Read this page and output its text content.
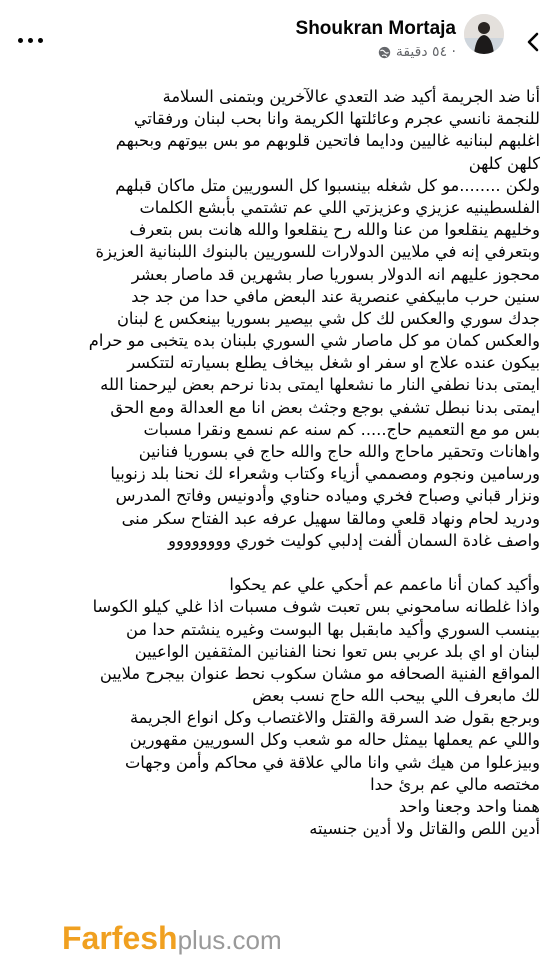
Shoukran Mortaja
٥٤ دقيقة ·
أنا ضد الجريمة أكيد ضد التعدي عالآخرين وبتمنى السلامة
للنجمة نانسي عجرم وعائلتها الكريمة وانا بحب لبنان ورفقاتي
اغلبهم لبنانيه غاليين ودايما فاتحين قلوبهم مو بس بيوتهم وبحبهم
كلهن كلهن
ولكن ........مو كل شغله بينسبوا كل السوريين متل ماكان قبلهم
الفلسطينيه عزيزي وعزيزتي اللي عم تشتمي بأبشع الكلمات
وخليهم ينقلعوا من عنا والله رح ينقلعوا والله هانت بس بتعرف
وبتعرفي إنه في ملايين الدولارات للسوريين بالبنوك اللبنانية العزيزة
محجوز عليهم انه الدولار بسوريا صار بشهرين قد ماصار بعشر
سنين حرب مابيكفي عنصرية عند البعض مافي حدا من جد جد
جدك سوري والعكس لك كل شي بيصير بسوريا بينعكس ع لبنان
والعكس كمان مو كل ماصار شي السوري بلبنان بده يتخبى مو حرام
بيكون عنده علاج او سفر او شغل بيخاف يطلع بسيارته لتتكسر
ايمتى بدنا نطفي النار ما نشعلها ايمتى بدنا نرحم بعض ليرحمنا الله
ايمتى بدنا نبطل تشفي بوجع وجثث بعض انا مع العدالة ومع الحق
بس مو مع التعميم حاج..... كم سنه عم نسمع ونقرا مسبات
واهانات وتحقير ماحاج والله حاج والله حاج في بسوريا فنانين
ورسامين ونجوم ومصممي أزياء وكتاب وشعراء لك نحنا بلد زنوبيا
ونزار قباني وصباح فخري ومياده حناوي وأدونيس وفاتح المدرس
ودريد لحام ونهاد قلعي ومالقا سهيل عرفه عبد الفتاح سكر منى
واصف غادة السمان ألفت إدلبي كوليت خوري وووووووو
وأكيد كمان أنا ماعمم عم أحكي علي عم يحكوا
واذا غلطانه سامحوني بس تعبت شوف مسبات اذا غلي كيلو الكوسا
بينسب السوري وأكيد مابقبل بها البوست وغيره ينشتم حدا من
لبنان او اي بلد عربي بس تعوا نحنا الفنانين المثقفين الواعيين
المواقع الفنية الصحافه مو مشان سكوب نحط عنوان بيجرح ملايين
لك مابعرف اللي بيحب الله حاج نسب بعض
وبرجع بقول ضد السرقة والقتل والاغتصاب وكل انواع الجريمة
واللي عم يعملها بيمثل حاله مو شعب وكل السوريين مقهورين
وبيزعلوا من هيك شي وانا مالي علاقة في محاكم وأمن وجهات
مختصه مالي عم برئ حدا
همنا واحد وجعنا واحد
أدين اللص والقاتل ولا أدين جنسيته
Farfeshplus.com
